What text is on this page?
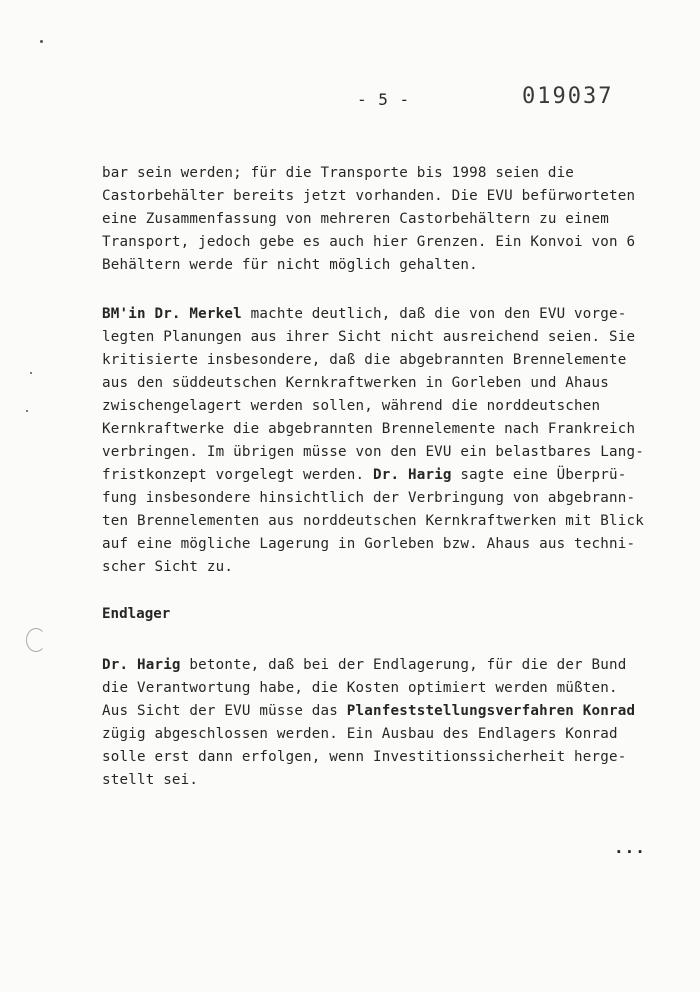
- 5 -	019037
bar sein werden; für die Transporte bis 1998 seien die
Castorbehälter bereits jetzt vorhanden. Die EVU befürworteten
eine Zusammenfassung von mehreren Castorbehältern zu einem
Transport, jedoch gebe es auch hier Grenzen. Ein Konvoi von 6
Behältern werde für nicht möglich gehalten.
BM'in Dr. Merkel machte deutlich, daß die von den EVU vorge-
legten Planungen aus ihrer Sicht nicht ausreichend seien. Sie
kritisierte insbesondere, daß die abgebrannten Brennelemente
aus den süddeutschen Kernkraftwerken in Gorleben und Ahaus
zwischengelagert werden sollen, während die norddeutschen
Kernkraftwerke die abgebrannten Brennelemente nach Frankreich
verbringen. Im übrigen müsse von den EVU ein belastbares Lang-
fristkonzept vorgelegt werden. Dr. Harig sagte eine Überprü-
fung insbesondere hinsichtlich der Verbringung von abgebrann-
ten Brennelementen aus norddeutschen Kernkraftwerken mit Blick
auf eine mögliche Lagerung in Gorleben bzw. Ahaus aus techni-
scher Sicht zu.
Endlager
Dr. Harig betonte, daß bei der Endlagerung, für die der Bund
die Verantwortung habe, die Kosten optimiert werden müßten.
Aus Sicht der EVU müsse das Planfeststellungsverfahren Konrad
zügig abgeschlossen werden. Ein Ausbau des Endlagers Konrad
solle erst dann erfolgen, wenn Investitionssicherheit herge-
stellt sei.
...
